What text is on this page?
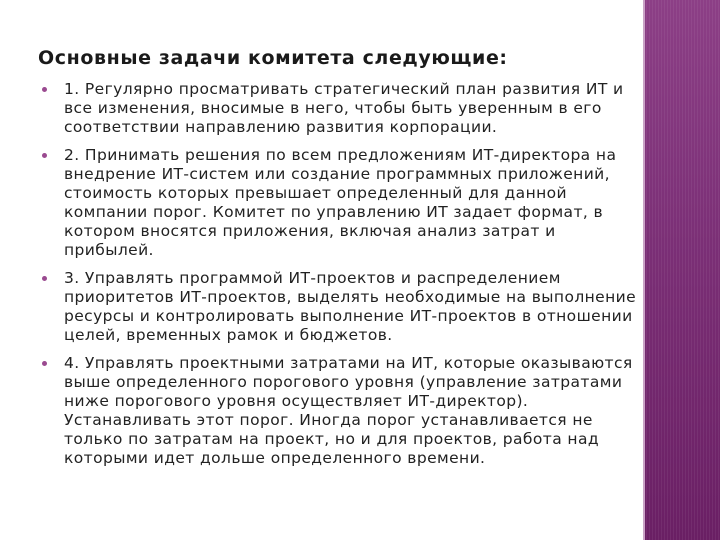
Основные задачи комитета следующие:
1. Регулярно просматривать стратегический план развития ИТ и все изменения, вносимые в него, чтобы быть уверенным в его соответствии направлению развития корпорации.
2. Принимать решения по всем предложениям ИТ-директора на внедрение ИТ-систем или создание программных приложений, стоимость которых превышает определенный для данной компании порог. Комитет по управлению ИТ задает формат, в котором вносятся приложения, включая анализ затрат и прибылей.
3. Управлять программой ИТ-проектов и распределением приоритетов ИТ-проектов, выделять необходимые на выполнение ресурсы и контролировать выполнение ИТ-проектов в отношении целей, временных рамок и бюджетов.
4. Управлять проектными затратами на ИТ, которые оказываются выше определенного порогового уровня (управление затратами ниже порогового уровня осуществляет ИТ-директор). Устанавливать этот порог. Иногда порог устанавливается не только по затратам на проект, но и для проектов, работа над которыми идет дольше определенного времени.
